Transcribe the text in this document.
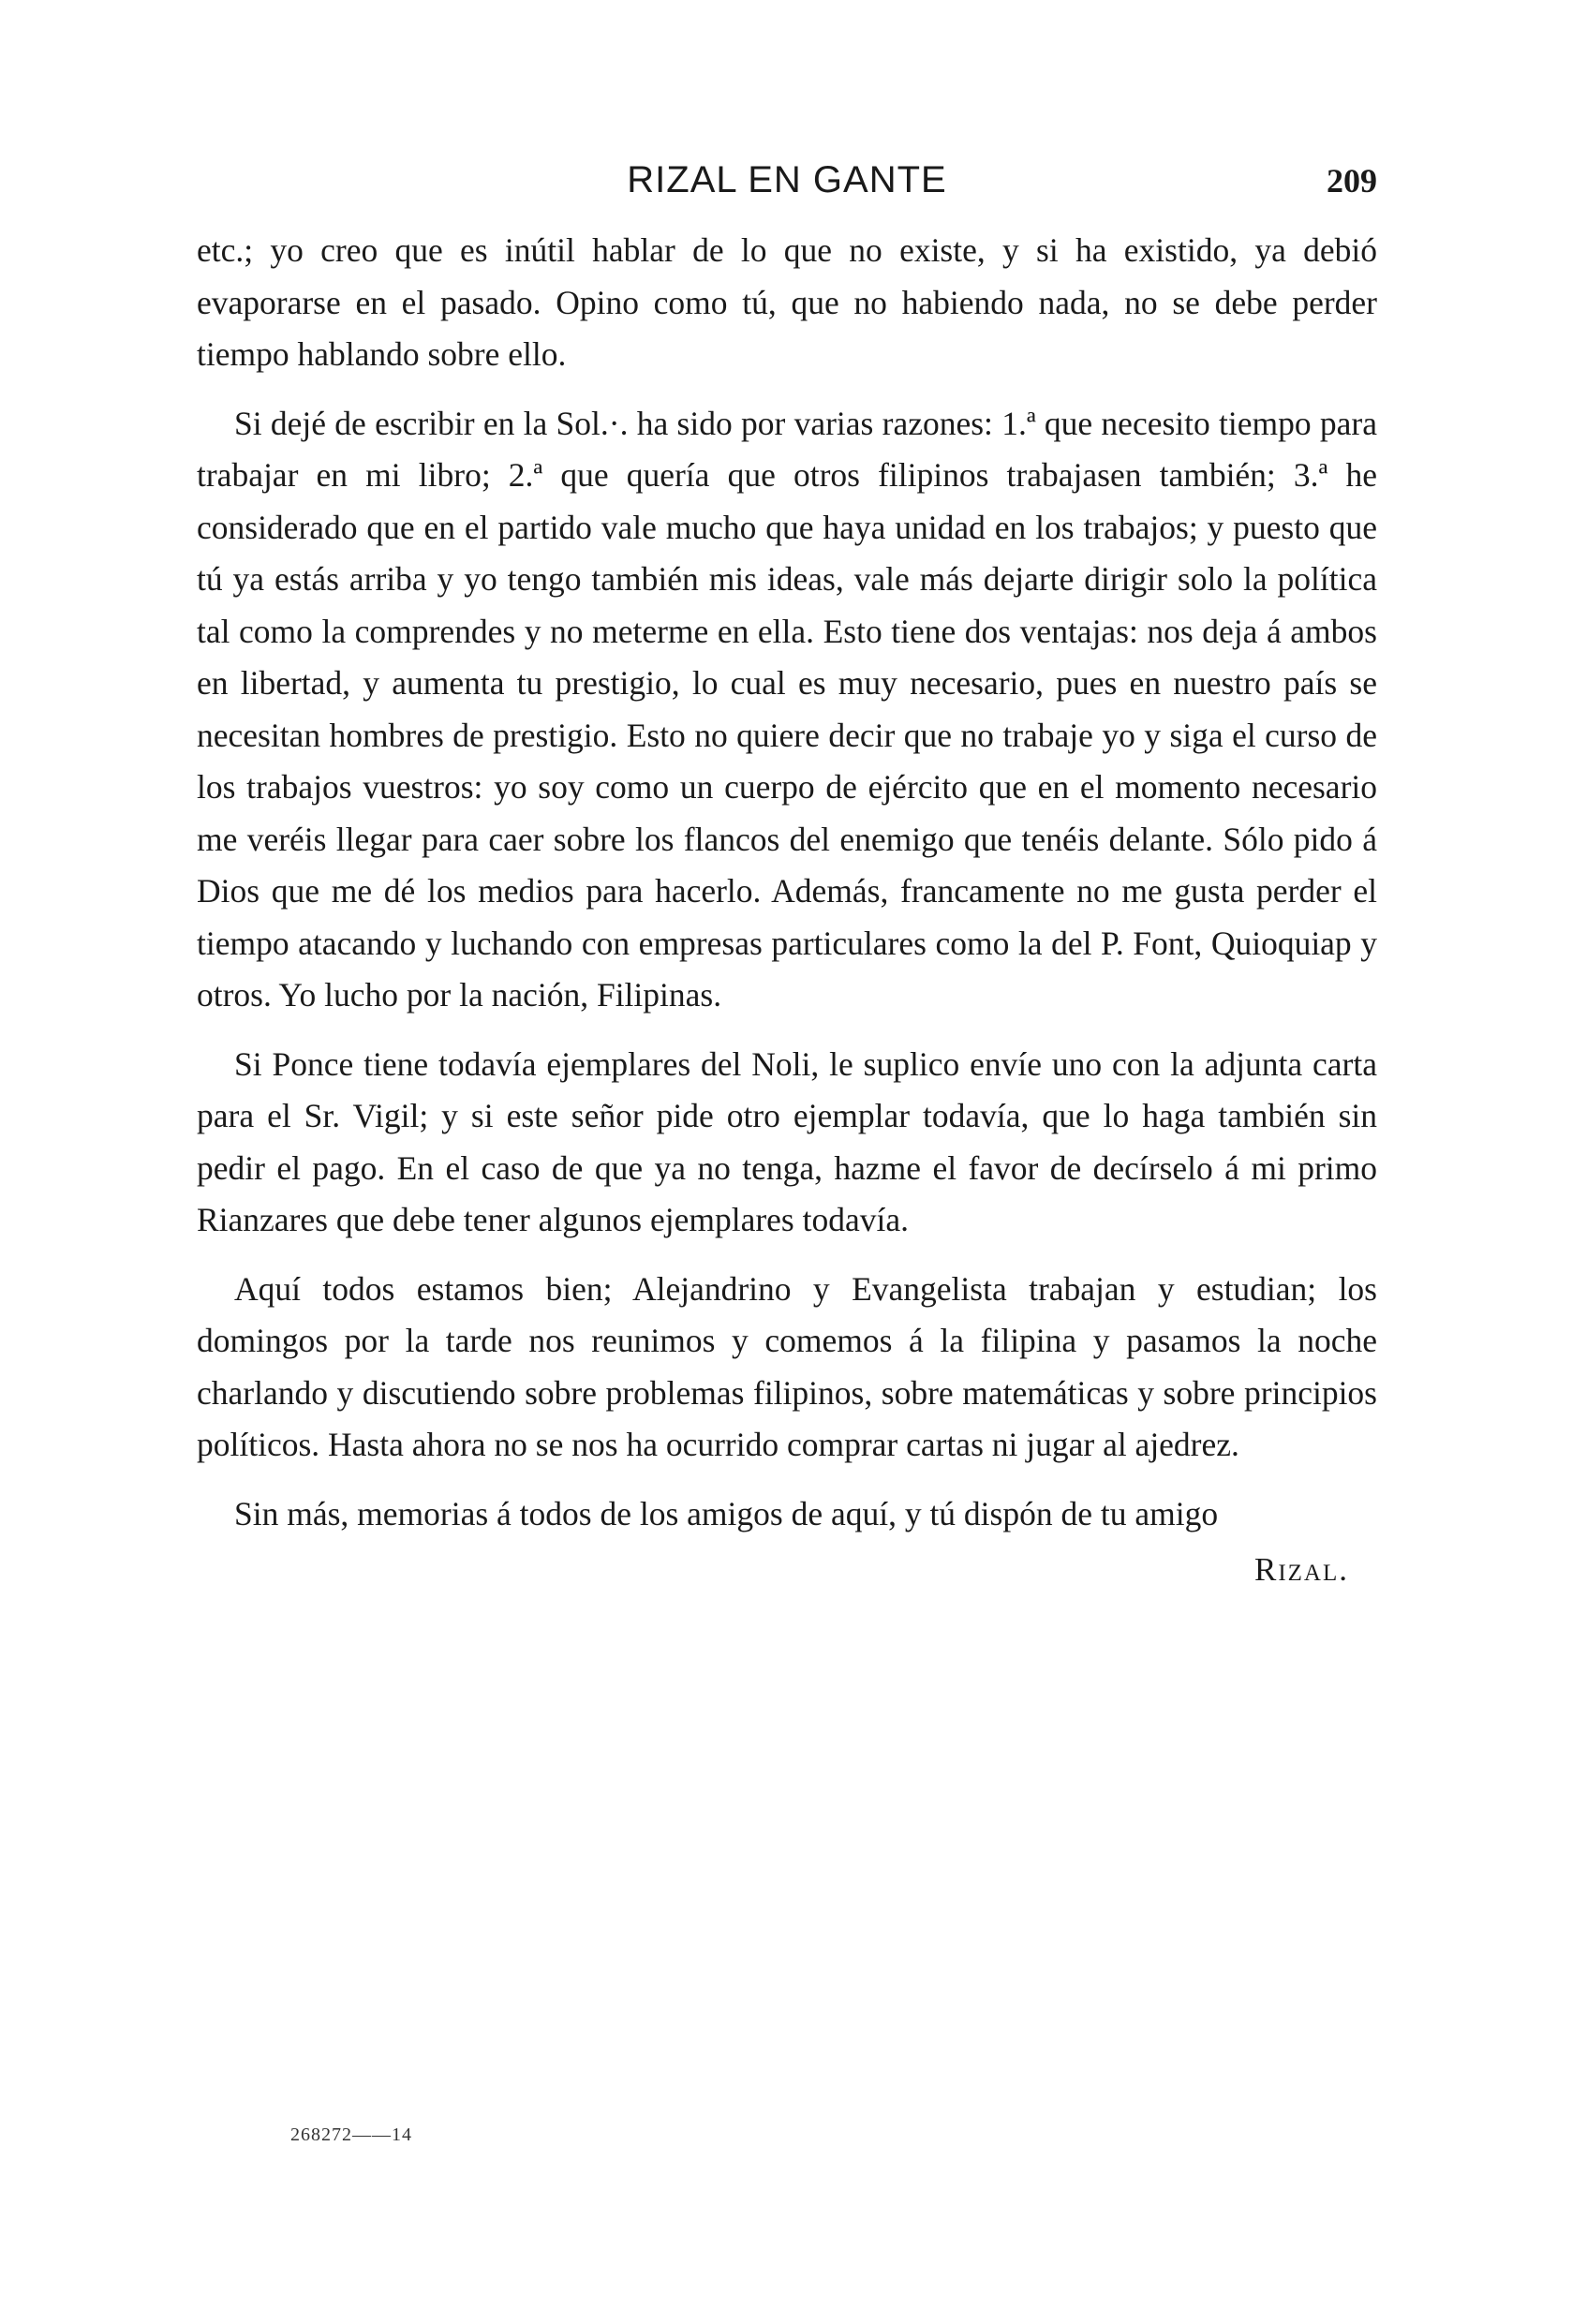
RIZAL EN GANTE	209

etc.; yo creo que es inútil hablar de lo que no existe, y si ha existido, ya debió evaporarse en el pasado. Opino como tú, que no habiendo nada, no se debe perder tiempo hablando sobre ello.

Si dejé de escribir en la Sol.·. ha sido por varias razones: 1.ª que necesito tiempo para trabajar en mi libro; 2.ª que quería que otros filipinos trabajasen también; 3.ª he considerado que en el partido vale mucho que haya unidad en los trabajos; y puesto que tú ya estás arriba y yo tengo también mis ideas, vale más dejarte dirigir solo la política tal como la comprendes y no meterme en ella. Esto tiene dos ventajas: nos deja á ambos en libertad, y aumenta tu prestigio, lo cual es muy necesario, pues en nuestro país se necesitan hombres de prestigio. Esto no quiere decir que no trabaje yo y siga el curso de los trabajos vuestros: yo soy como un cuerpo de ejército que en el momento necesario me veréis llegar para caer sobre los flancos del enemigo que tenéis delante. Sólo pido á Dios que me dé los medios para hacerlo. Además, francamente no me gusta perder el tiempo atacando y luchando con empresas particulares como la del P. Font, Quioquiap y otros. Yo lucho por la nación, Filipinas.

Si Ponce tiene todavía ejemplares del Noli, le suplico envíe uno con la adjunta carta para el Sr. Vigil; y si este señor pide otro ejemplar todavía, que lo haga también sin pedir el pago. En el caso de que ya no tenga, hazme el favor de decírselo á mi primo Rianzares que debe tener algunos ejemplares todavía.

Aquí todos estamos bien; Alejandrino y Evangelista trabajan y estudian; los domingos por la tarde nos reunimos y comemos á la filipina y pasamos la noche charlando y discutiendo sobre problemas filipinos, sobre matemáticas y sobre principios políticos. Hasta ahora no se nos ha ocurrido comprar cartas ni jugar al ajedrez.

Sin más, memorias á todos de los amigos de aquí, y tú dispón de tu amigo

Rizal.
268272——14
